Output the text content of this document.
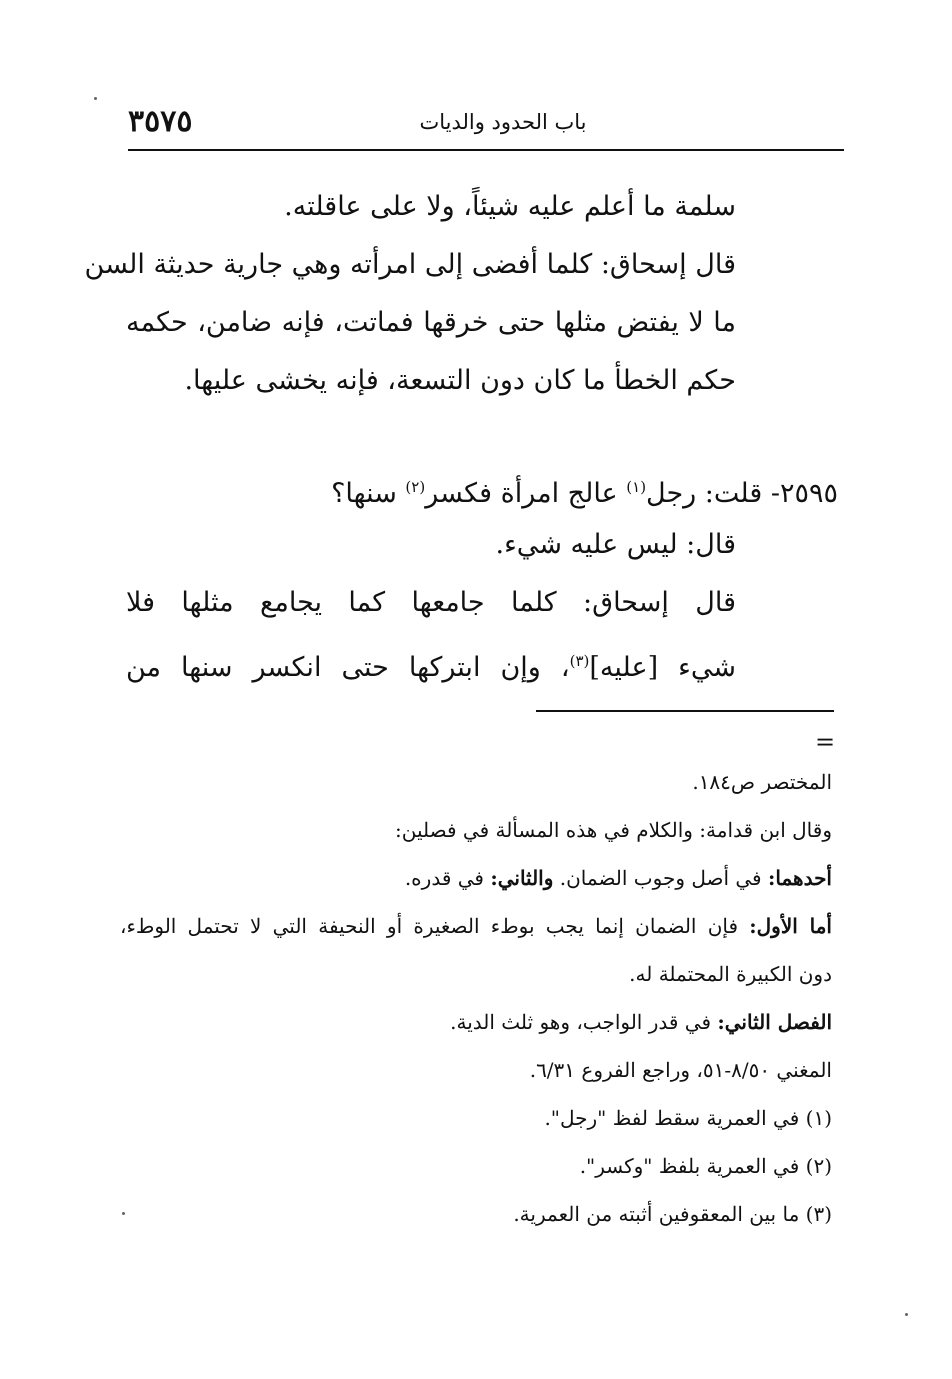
٣٥٧٥	باب الحدود والديات
سلمة ما أعلم عليه شيئاً، ولا على عاقلته.
قال إسحاق: كلما أفضى إلى امرأته وهي جارية حديثة السن
ما لا يفتض مثلها حتى خرقها فماتت، فإنه ضامن، حكمه
حكم الخطأ ما كان دون التسعة، فإنه يخشى عليها.
٢٥٩٥- قلت: رجل$^{(١)}$ عالج امرأة فكسر$^{(٢)}$ سنها؟
قال: ليس عليه شيء.
قال إسحاق: كلما جامعها كما يجامع مثلها فلا
شيء [عليه]$^{(٣)}$، وإن ابتركها حتى انكسر سنها من
=
المختصر ص١٨٤.
وقال ابن قدامة: والكلام في هذه المسألة في فصلين:
أحدهما: في أصل وجوب الضمان. والثاني: في قدره.
أما الأول: فإن الضمان إنما يجب بوطء الصغيرة أو النحيفة التي لا تحتمل الوطء،
دون الكبيرة المحتملة له.
الفصل الثاني: في قدر الواجب، وهو ثلث الدية.
المغني ٨/٥٠-٥١، وراجع الفروع ٦/٣١.
(١) في العمرية سقط لفظ "رجل".
(٢) في العمرية بلفظ "وكسر".
(٣) ما بين المعقوفين أثبته من العمرية.
